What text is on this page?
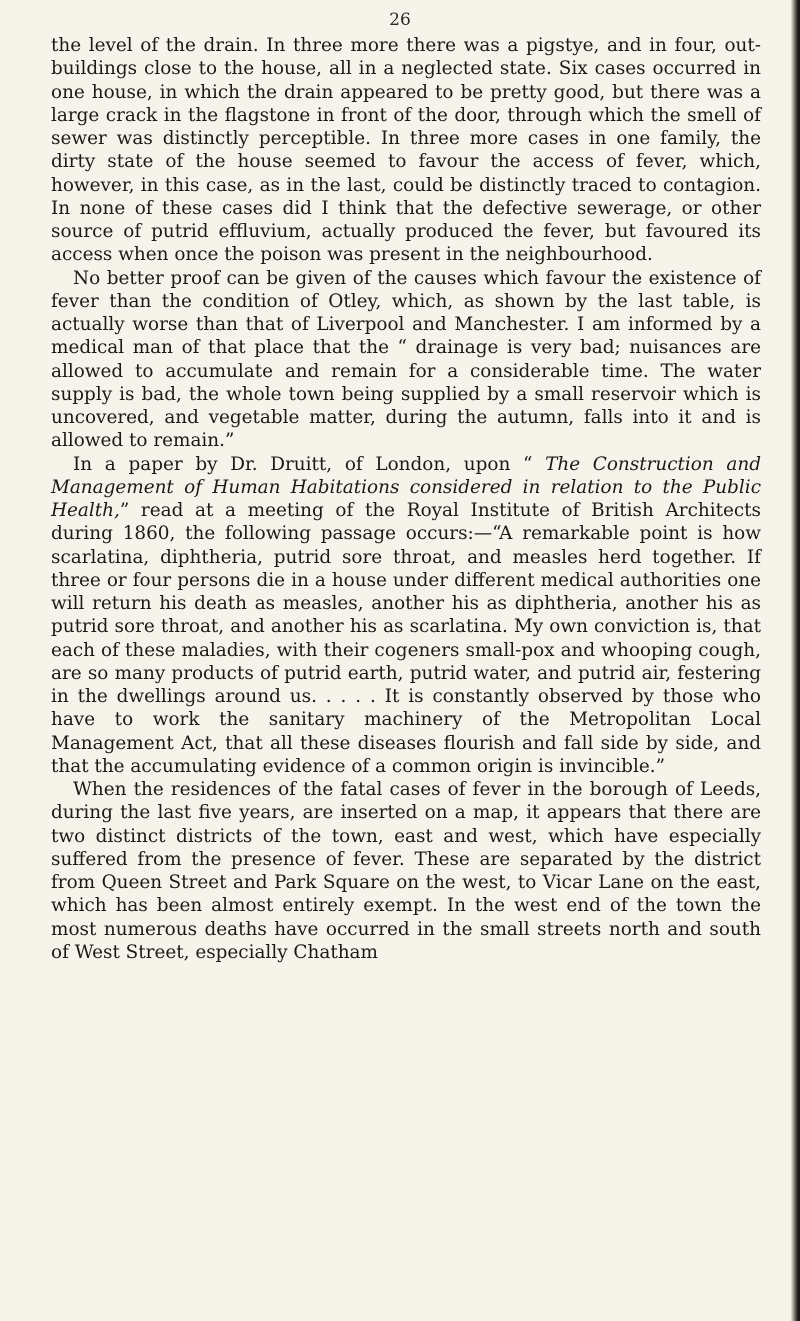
26

the level of the drain. In three more there was a pigstye, and in four, out-buildings close to the house, all in a neglected state. Six cases occurred in one house, in which the drain appeared to be pretty good, but there was a large crack in the flagstone in front of the door, through which the smell of sewer was distinctly perceptible. In three more cases in one family, the dirty state of the house seemed to favour the access of fever, which, however, in this case, as in the last, could be distinctly traced to contagion. In none of these cases did I think that the defective sewerage, or other source of putrid effluvium, actually produced the fever, but favoured its access when once the poison was present in the neighbourhood.

No better proof can be given of the causes which favour the existence of fever than the condition of Otley, which, as shown by the last table, is actually worse than that of Liverpool and Manchester. I am informed by a medical man of that place that the “ drainage is very bad; nuisances are allowed to accumulate and remain for a considerable time. The water supply is bad, the whole town being supplied by a small reservoir which is uncovered, and vegetable matter, during the autumn, falls into it and is allowed to remain.”

In a paper by Dr. Druitt, of London, upon “ The Construction and Management of Human Habitations considered in relation to the Public Health,” read at a meeting of the Royal Institute of British Architects during 1860, the following passage occurs:—“A remarkable point is how scarlatina, diphtheria, putrid sore throat, and measles herd together. If three or four persons die in a house under different medical authorities one will return his death as measles, another his as diphtheria, another his as putrid sore throat, and another his as scarlatina. My own conviction is, that each of these maladies, with their cogeners small-pox and whooping cough, are so many products of putrid earth, putrid water, and putrid air, festering in the dwellings around us. . . . . It is constantly observed by those who have to work the sanitary machinery of the Metropolitan Local Management Act, that all these diseases flourish and fall side by side, and that the accumulating evidence of a common origin is invincible.”

When the residences of the fatal cases of fever in the borough of Leeds, during the last five years, are inserted on a map, it appears that there are two distinct districts of the town, east and west, which have especially suffered from the presence of fever. These are separated by the district from Queen Street and Park Square on the west, to Vicar Lane on the east, which has been almost entirely exempt. In the west end of the town the most numerous deaths have occurred in the small streets north and south of West Street, especially Chatham
